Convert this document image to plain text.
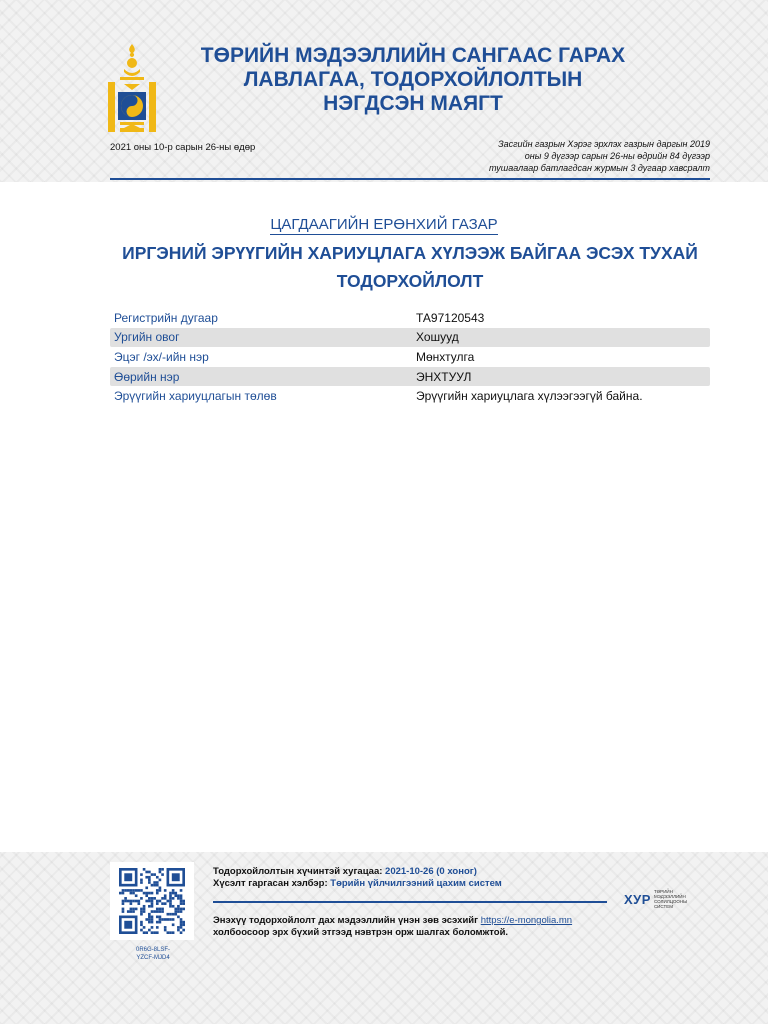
ТӨРИЙН МЭДЭЭЛЛИЙН САНГААС ГАРАХ
ЛАВЛАГАА, ТОДОРХОЙЛОЛТЫН
НЭГДСЭН МАЯГТ
2021 оны 10-р сарын 26-ны өдөр	Засгийн газрын Хэрэг эрхлэх газрын даргын 2019
оны 9 дүгээр сарын 26-ны өдрийн 84 дүгээр
тушаалаар батлагдсан журмын 3 дугаар хавсралт
ЦАГДААГИЙН ЕРӨНХИЙ ГАЗАР
ИРГЭНИЙ ЭРҮҮГИЙН ХАРИУЦЛАГА ХҮЛЭЭЖ БАЙГАА ЭСЭХ ТУХАЙ
ТОДОРХОЙЛОЛТ
Регистрийн дугаар	ТА97120543
Ургийн овог	Хошууд
Эцэг /эх/-ийн нэр	Мөнхтулга
Өөрийн нэр	ЭНХТУУЛ
Эрүүгийн хариуцлагын төлөв	Эрүүгийн хариуцлага хүлээгээгүй байна.
0R6G-8LSF-YZCF-MJD4
Тодорхойлолтын хүчинтэй хугацаа: 2021-10-26 (0 хоног)
Хүсэлт гаргасан хэлбэр: Төрийн үйлчилгээний цахим систем
Энэхүү тодорхойлолт дах мэдээллийн үнэн зөв эсэхийг https://e-mongolia.mn
холбоосоор эрх бүхий этгээд нэвтрэн орж шалгах боломжтой.
ХУР ТӨРИЙН МЭДЭЭЛЛИЙН СОЛИЛЦООНЫ СИСТЕМ
